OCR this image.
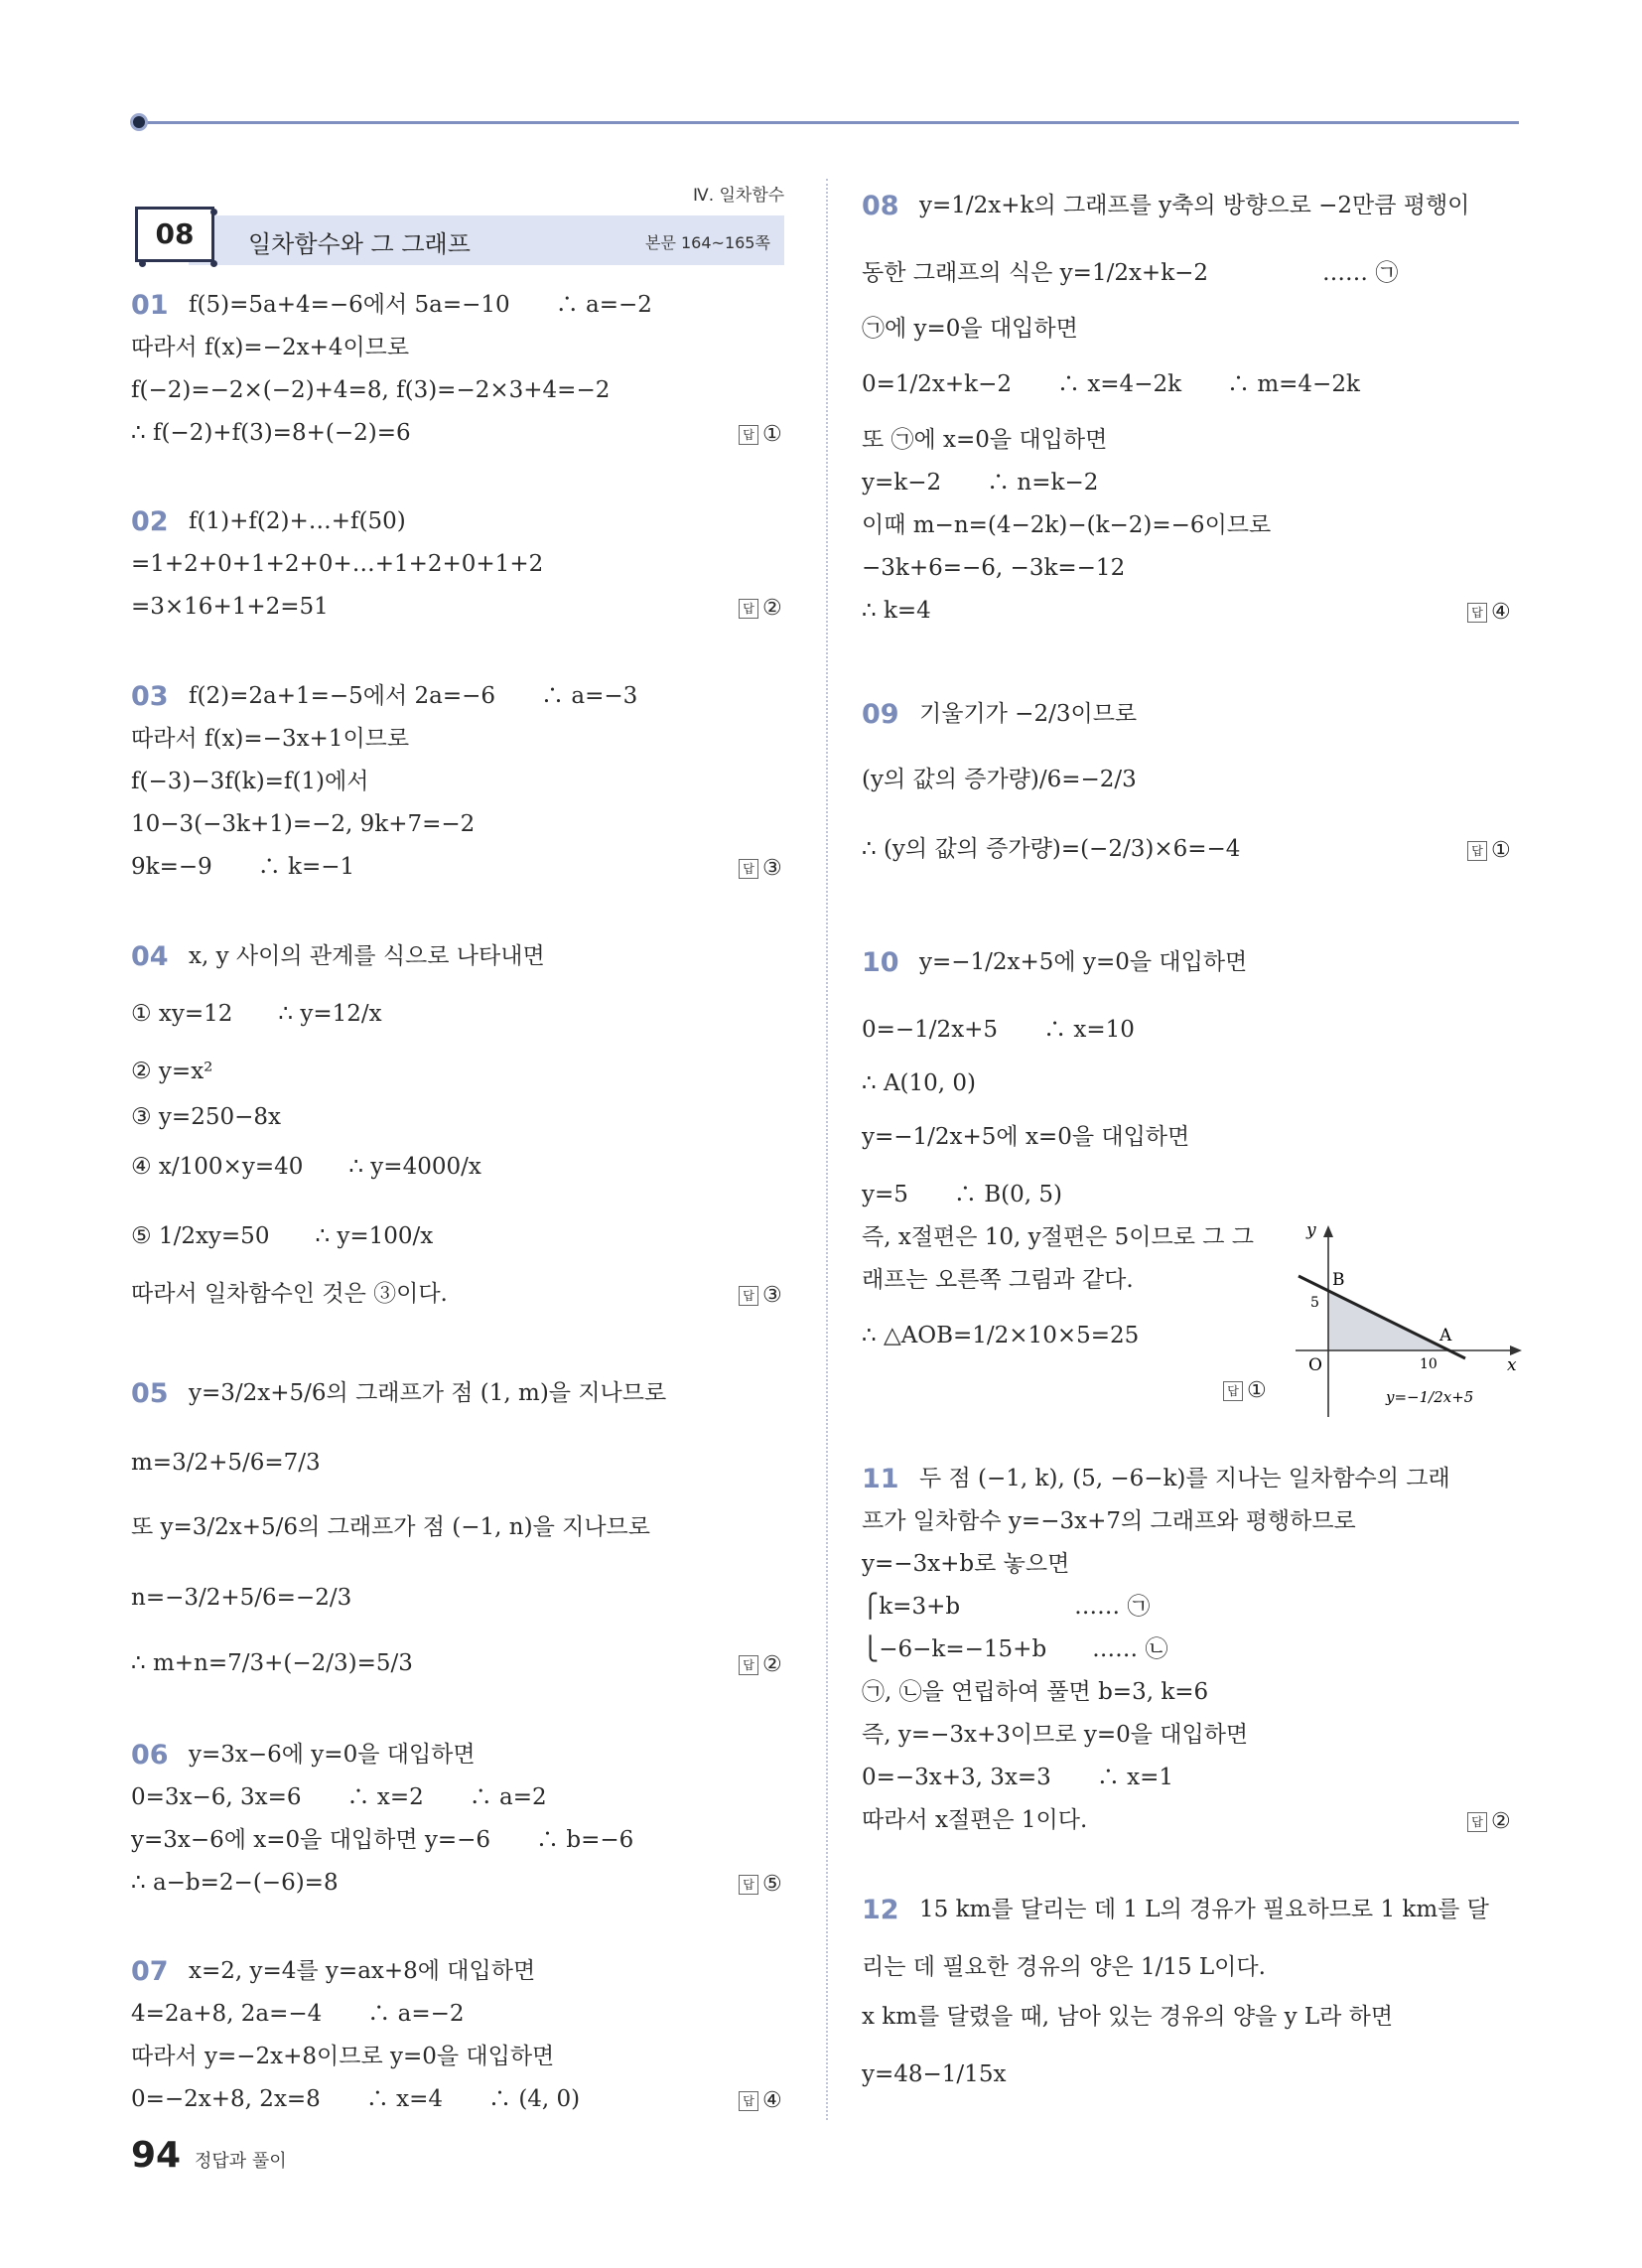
Ⅳ. 일차함수
08	일차함수와 그 그래프	본문 164~165쪽
01 f(5)=5a+4=−6에서 5a=−10　　∴ a=−2
따라서 f(x)=−2x+4이므로
f(−2)=−2×(−2)+4=8, f(3)=−2×3+4=−2
∴ f(−2)+f(3)=8+(−2)=6	답 ①
02 f(1)+f(2)+…+f(50)
=1+2+0+1+2+0+…+1+2+0+1+2
=3×16+1+2=51	답 ②
03 f(2)=2a+1=−5에서 2a=−6　　∴ a=−3
따라서 f(x)=−3x+1이므로
f(−3)−3f(k)=f(1)에서
10−3(−3k+1)=−2, 9k+7=−2
9k=−9　　∴ k=−1	답 ③
04 x, y 사이의 관계를 식으로 나타내면
① xy=12　　∴ y=12/x
② y=x²
③ y=250−8x
④ x/100×y=40　　∴ y=4000/x
⑤ 1/2xy=50　　∴ y=100/x
따라서 일차함수인 것은 ③이다.	답 ③
05 y=3/2x+5/6의 그래프가 점 (1, m)을 지나므로
m=3/2+5/6=7/3
또 y=3/2x+5/6의 그래프가 점 (−1, n)을 지나므로
n=−3/2+5/6=−2/3
∴ m+n=7/3+(−2/3)=5/3	답 ②
06 y=3x−6에 y=0을 대입하면
0=3x−6, 3x=6　　∴ x=2　　∴ a=2
y=3x−6에 x=0을 대입하면 y=−6　　∴ b=−6
∴ a−b=2−(−6)=8	답 ⑤
07 x=2, y=4를 y=ax+8에 대입하면
4=2a+8, 2a=−4　　∴ a=−2
따라서 y=−2x+8이므로 y=0을 대입하면
0=−2x+8, 2x=8　　∴ x=4　　∴ (4, 0)	답 ④
08 y=1/2x+k의 그래프를 y축의 방향으로 −2만큼 평행이
동한 그래프의 식은 y=1/2x+k−2　　　　　…… ㉠
㉠에 y=0을 대입하면
0=1/2x+k−2　　∴ x=4−2k　　∴ m=4−2k
또 ㉠에 x=0을 대입하면
y=k−2　　∴ n=k−2
이때 m−n=(4−2k)−(k−2)=−6이므로
−3k+6=−6, −3k=−12
∴ k=4	답 ④
09 기울기가 −2/3이므로
(y의 값의 증가량)/6=−2/3
∴ (y의 값의 증가량)=(−2/3)×6=−4	답 ①
10 y=−1/2x+5에 y=0을 대입하면
0=−1/2x+5　　∴ x=10
∴ A(10, 0)
y=−1/2x+5에 x=0을 대입하면
y=5　　∴ B(0, 5)
즉, x절편은 10, y절편은 5이므로 그 그
래프는 오른쪽 그림과 같다.
∴ △AOB=1/2×10×5=25
답 ①
y
x
O
B
5
A
10
y=−1/2x+5
11 두 점 (−1, k), (5, −6−k)를 지나는 일차함수의 그래
프가 일차함수 y=−3x+7의 그래프와 평행하므로
y=−3x+b로 놓으면
⎧k=3+b　　　　　…… ㉠
⎩−6−k=−15+b　　…… ㉡
㉠, ㉡을 연립하여 풀면 b=3, k=6
즉, y=−3x+3이므로 y=0을 대입하면
0=−3x+3, 3x=3　　∴ x=1
따라서 x절편은 1이다.	답 ②
12 15 km를 달리는 데 1 L의 경유가 필요하므로 1 km를 달
리는 데 필요한 경유의 양은 1/15 L이다.
x km를 달렸을 때, 남아 있는 경유의 양을 y L라 하면
y=48−1/15x
94 정답과 풀이
